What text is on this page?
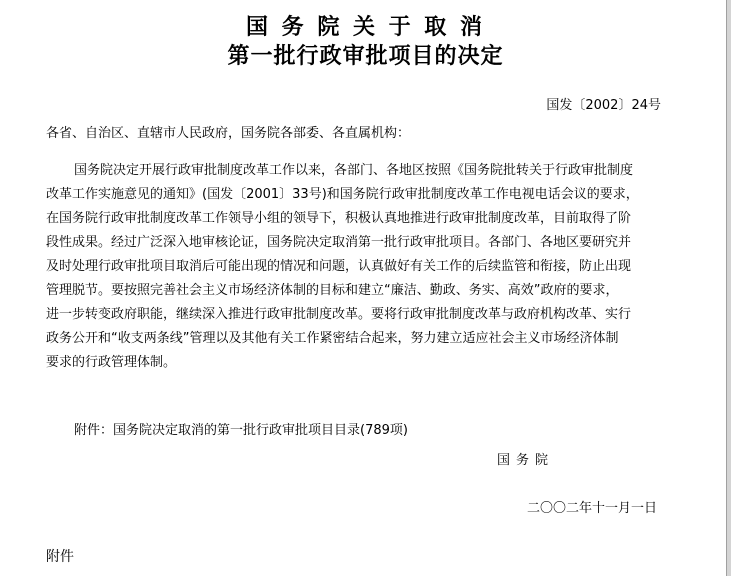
国 务 院 关 于 取 消
第一批行政审批项目的决定
国发〔2002〕24号
各省、自治区、直辖市人民政府，国务院各部委、各直属机构：
国务院决定开展行政审批制度改革工作以来，各部门、各地区按照《国务院批转关于行政审批制度
改革工作实施意见的通知》(国发〔2001〕33号)和国务院行政审批制度改革工作电视电话会议的要求，
在国务院行政审批制度改革工作领导小组的领导下，积极认真地推进行政审批制度改革，目前取得了阶
段性成果。经过广泛深入地审核论证，国务院决定取消第一批行政审批项目。各部门、各地区要研究并
及时处理行政审批项目取消后可能出现的情况和问题，认真做好有关工作的后续监管和衔接，防止出现
管理脱节。要按照完善社会主义市场经济体制的目标和建立“廉洁、勤政、务实、高效”政府的要求，
进一步转变政府职能，继续深入推进行政审批制度改革。要将行政审批制度改革与政府机构改革、实行
政务公开和“收支两条线”管理以及其他有关工作紧密结合起来，努力建立适应社会主义市场经济体制
要求的行政管理体制。
附件：国务院决定取消的第一批行政审批项目目录(789项)
国务院
二〇〇二年十一月一日
附件
